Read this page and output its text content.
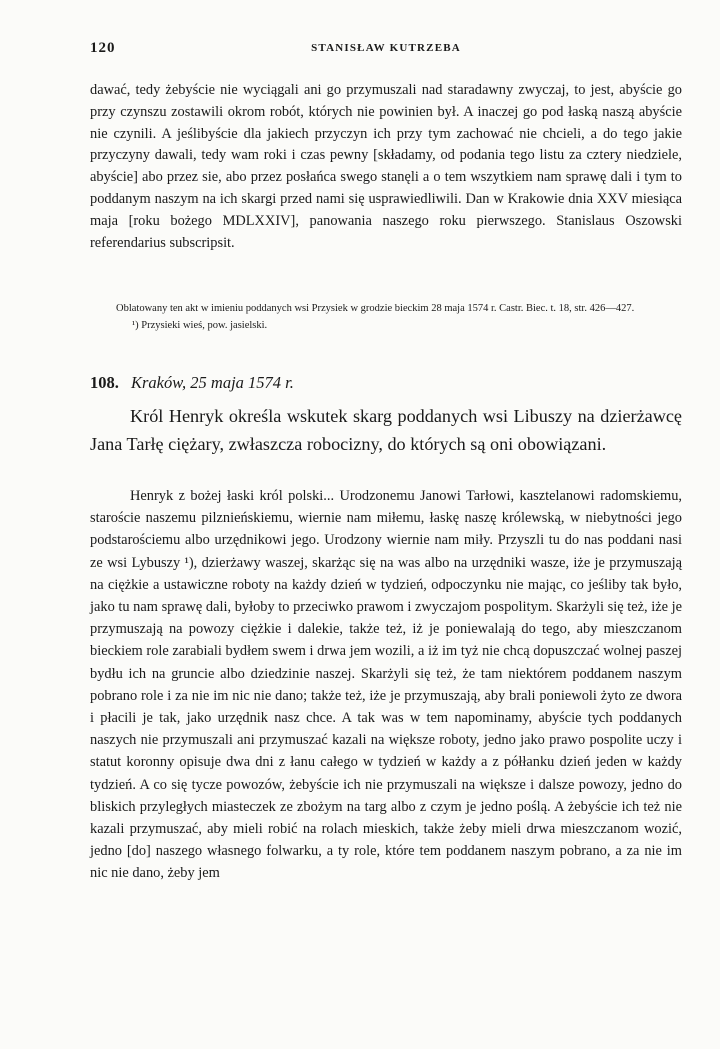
120	STANISŁAW KUTRZEBA

dawać, tedy żebyście nie wyciągali ani go przymuszali nad staradawny zwyczaj, to jest, abyście go przy czynszu zostawili okrom robót, których nie powinien był. A inaczej go pod łaską naszą abyście nie czynili. A jeślibyście dla jakiech przyczyn ich przy tym zachować nie chcieli, a do tego jakie przyczyny dawali, tedy wam roki i czas pewny [składamy, od podania tego listu za cztery niedziele, abyście] abo przez sie, abo przez posłańca swego stanęli a o tem wszytkiem nam sprawę dali i tym to poddanym naszym na ich skargi przed nami się usprawiedliwili. Dan w Krakowie dnia XXV miesiąca maja [roku bożego MDLXXIV], panowania naszego roku pierwszego. Stanislaus Oszowski referendarius subscripsit.

Oblatowany ten akt w imieniu poddanych wsi Przysiek w grodzie bieckim 28 maja 1574 r. Castr. Biec. t. 18, str. 426—427.

¹) Przysieki wieś, pow. jasielski.

108. Kraków, 25 maja 1574 r.

Król Henryk określa wskutek skarg poddanych wsi Libuszy na dzierżawcę Jana Tarłę ciężary, zwłaszcza robocizny, do których są oni obowiązani.

Henryk z bożej łaski król polski... Urodzonemu Janowi Tarłowi, kasztelanowi radomskiemu, staroście naszemu pilznieńskiemu, wiernie nam miłemu, łaskę naszę królewską, w niebytności jego podstarościemu albo urzędnikowi jego. Urodzony wiernie nam miły. Przyszli tu do nas poddani nasi ze wsi Lybuszy ¹), dzierżawy waszej, skarżąc się na was albo na urzędniki wasze, iże je przymuszają na ciężkie a ustawiczne roboty na każdy dzień w tydzień, odpoczynku nie mając, co jeśliby tak było, jako tu nam sprawę dali, byłoby to przeciwko prawom i zwyczajom pospolitym. Skarżyli się też, iże je przymuszają na powozy ciężkie i dalekie, także też, iż je poniewalają do tego, aby mieszczanom bieckiem role zarabiali bydłem swem i drwa jem wozili, a iż im tyż nie chcą dopuszczać wolnej paszej bydłu ich na gruncie albo dziedzinie naszej. Skarżyli się też, że tam niektórem poddanem naszym pobrano role i za nie im nic nie dano; także też, iże je przymuszają, aby brali poniewoli żyto ze dwora i płacili je tak, jako urzędnik nasz chce. A tak was w tem napominamy, abyście tych poddanych naszych nie przymuszali ani przymuszać kazali na większe roboty, jedno jako prawo pospolite uczy i statut koronny opisuje dwa dni z łanu całego w tydzień w każdy a z półłanku dzień jeden w każdy tydzień. A co się tycze powozów, żebyście ich nie przymuszali na większe i dalsze powozy, jedno do bliskich przyległych miasteczek ze zbożym na targ albo z czym je jedno poślą. A żebyście ich też nie kazali przymuszać, aby mieli robić na rolach mieskich, także żeby mieli drwa mieszczanom wozić, jedno [do] naszego własnego folwarku, a ty role, które tem poddanem naszym pobrano, a za nie im nic nie dano, żeby jem
